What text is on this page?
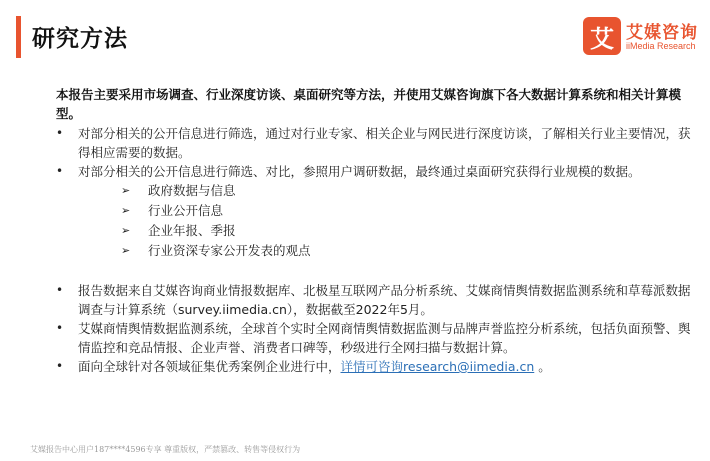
研究方法	艾 艾媒咨询
iiMedia Research

本报告主要采用市场调查、行业深度访谈、桌面研究等方法，并使用艾媒咨询旗下各大数据计算系统和相关计算模型。

• 对部分相关的公开信息进行筛选，通过对行业专家、相关企业与网民进行深度访谈，了解相关行业主要情况，获得相应需要的数据。

• 对部分相关的公开信息进行筛选、对比，参照用户调研数据，最终通过桌面研究获得行业规模的数据。

➢ 政府数据与信息

➢ 行业公开信息

➢ 企业年报、季报

➢ 行业资深专家公开发表的观点

• 报告数据来自艾媒咨询商业情报数据库、北极星互联网产品分析系统、艾媒商情舆情数据监测系统和草莓派数据调查与计算系统（survey.iimedia.cn），数据截至2022年5月。

• 艾媒商情舆情数据监测系统，全球首个实时全网商情舆情数据监测与品牌声誉监控分析系统，包括负面预警、舆情监控和竞品情报、企业声誉、消费者口碑等，秒级进行全网扫描与数据计算。

• 面向全球针对各领域征集优秀案例企业进行中，详情可咨询research@iimedia.cn 。

艾媒报告中心用户187****4596专享 尊重版权，严禁篡改、转售等侵权行为
